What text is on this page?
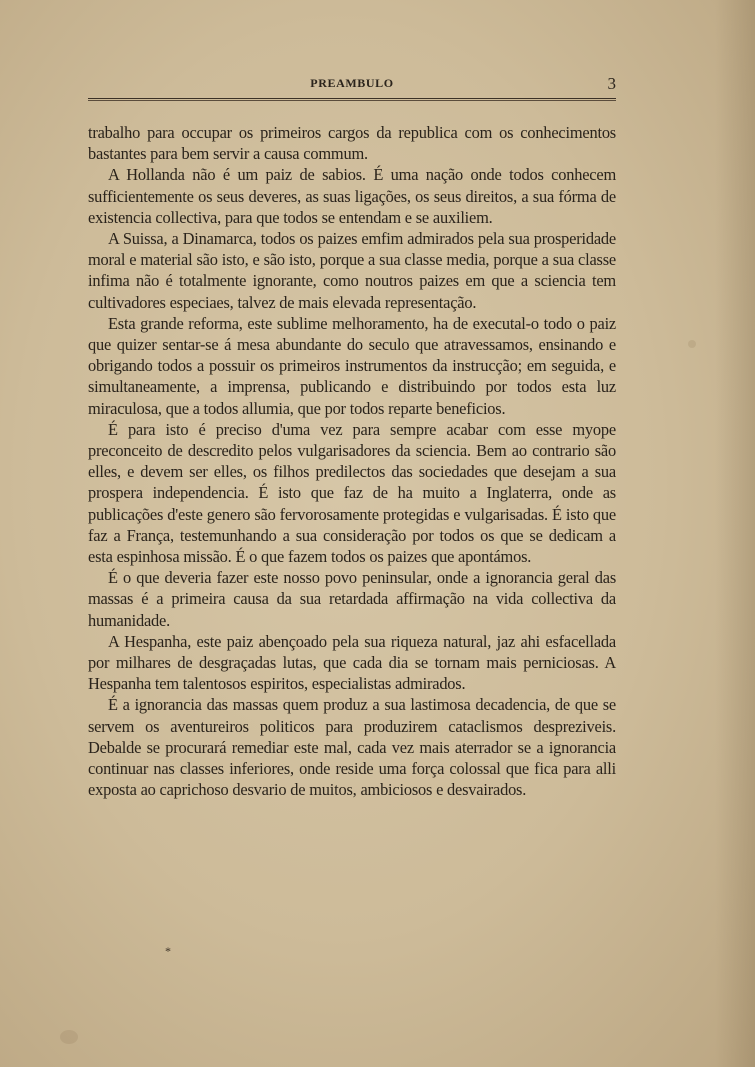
PREAMBULO	3

trabalho para occupar os primeiros cargos da republica com os conhecimentos bastantes para bem servir a causa commum.

A Hollanda não é um paiz de sabios. É uma nação onde todos conhecem sufficientemente os seus deveres, as suas ligações, os seus direitos, a sua fórma de existencia collectiva, para que todos se entendam e se auxiliem.

A Suissa, a Dinamarca, todos os paizes emfim admirados pela sua prosperidade moral e material são isto, e são isto, porque a sua classe media, porque a sua classe infima não é totalmente ignorante, como noutros paizes em que a sciencia tem cultivadores especiaes, talvez de mais elevada representação.

Esta grande reforma, este sublime melhoramento, ha de executal-o todo o paiz que quizer sentar-se á mesa abundante do seculo que atravessamos, ensinando e obrigando todos a possuir os primeiros instrumentos da instrucção; em seguida, e simultaneamente, a imprensa, publicando e distribuindo por todos esta luz miraculosa, que a todos allumia, que por todos reparte beneficios.

É para isto é preciso d'uma vez para sempre acabar com esse myope preconceito de descredito pelos vulgarisadores da sciencia. Bem ao contrario são elles, e devem ser elles, os filhos predilectos das sociedades que desejam a sua prospera independencia. É isto que faz de ha muito a Inglaterra, onde as publicações d'este genero são fervorosamente protegidas e vulgarisadas. É isto que faz a França, testemunhando a sua consideração por todos os que se dedicam a esta espinhosa missão. É o que fazem todos os paizes que apontámos.

É o que deveria fazer este nosso povo peninsular, onde a ignorancia geral das massas é a primeira causa da sua retardada affirmação na vida collectiva da humanidade.

A Hespanha, este paiz abençoado pela sua riqueza natural, jaz ahi esfacellada por milhares de desgraçadas lutas, que cada dia se tornam mais perniciosas. A Hespanha tem talentosos espiritos, especialistas admirados.

É a ignorancia das massas quem produz a sua lastimosa decadencia, de que se servem os aventureiros politicos para produzirem cataclismos despreziveis. Debalde se procurará remediar este mal, cada vez mais aterrador se a ignorancia continuar nas classes inferiores, onde reside uma força colossal que fica para alli exposta ao caprichoso desvario de muitos, ambiciosos e desvairados.

*
